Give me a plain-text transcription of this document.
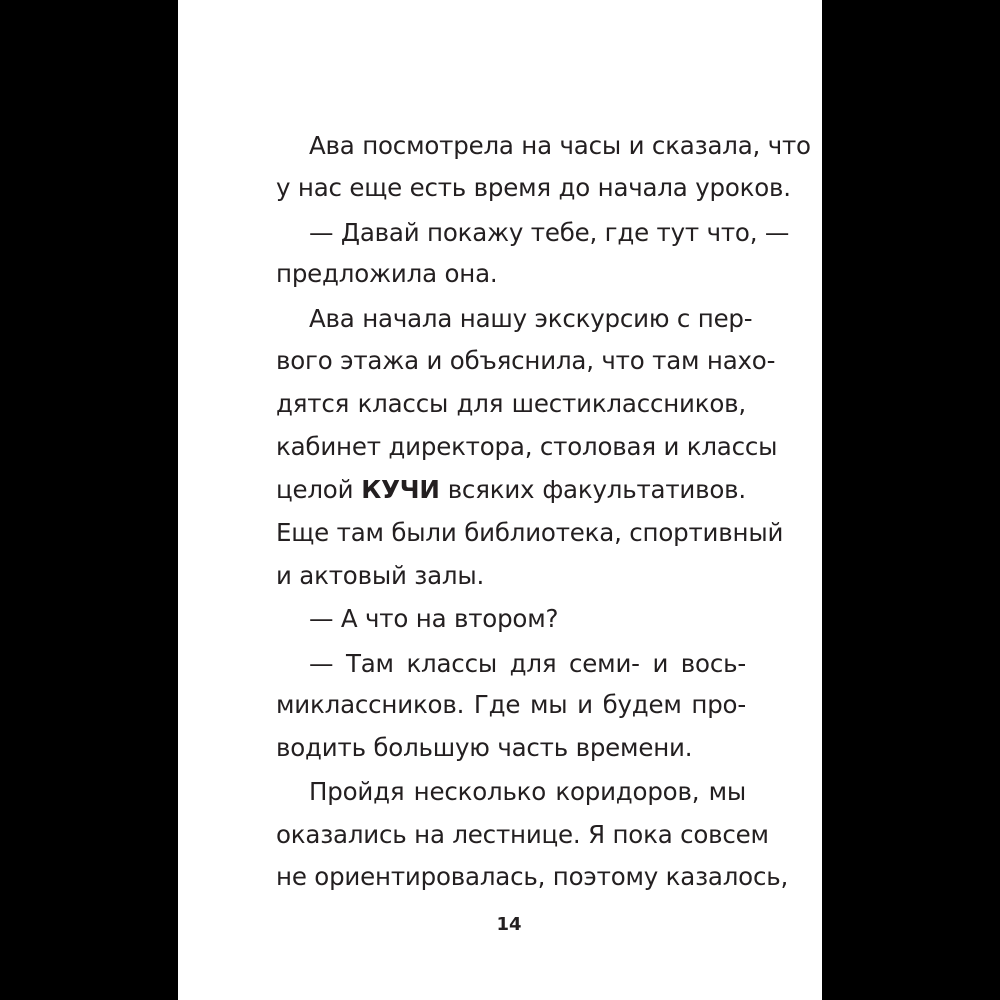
Ава посмотрела на часы и сказала, что
у нас еще есть время до начала уроков.
— Давай покажу тебе, где тут что, —
предложила она.
Ава начала нашу экскурсию с пер-
вого этажа и объяснила, что там нахо-
дятся классы для шестиклассников,
кабинет директора, столовая и классы
целой КУЧИ всяких факультативов.
Еще там были библиотека, спортивный
и актовый залы.
— А что на втором?
— Там классы для семи- и вось-
миклассников. Где мы и будем про-
водить большую часть времени.
Пройдя несколько коридоров, мы
оказались на лестнице. Я пока совсем
не ориентировалась, поэтому казалось,
14
